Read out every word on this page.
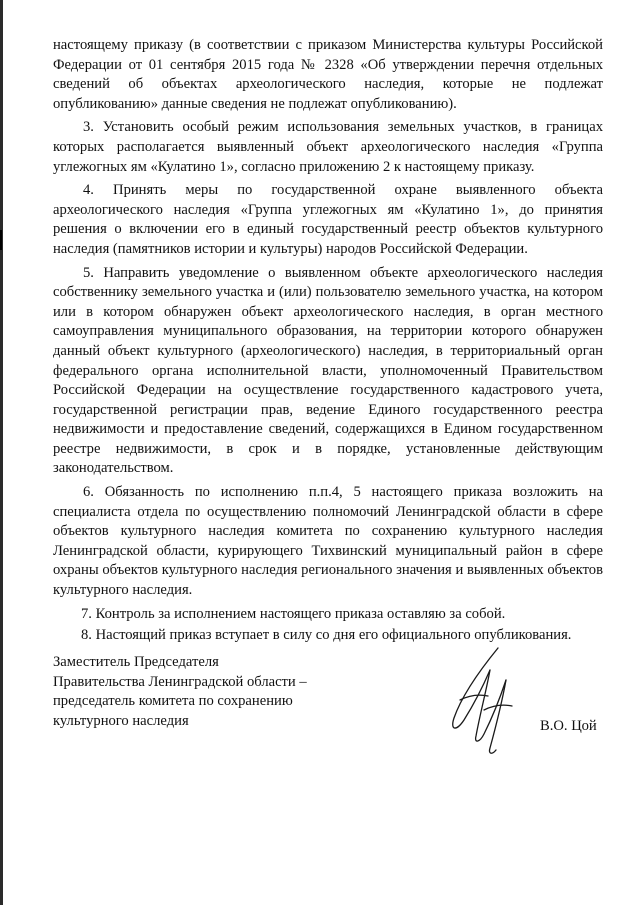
настоящему приказу (в соответствии с приказом Министерства культуры Российской Федерации от 01 сентября 2015 года № 2328 «Об утверждении перечня отдельных сведений об объектах археологического наследия, которые не подлежат опубликованию» данные сведения не подлежат опубликованию).

3. Установить особый режим использования земельных участков, в границах которых располагается выявленный объект археологического наследия «Группа углежогных ям «Кулатино 1», согласно приложению 2 к настоящему приказу.

4. Принять меры по государственной охране выявленного объекта археологического наследия «Группа углежогных ям «Кулатино 1», до принятия решения о включении его в единый государственный реестр объектов культурного наследия (памятников истории и культуры) народов Российской Федерации.

5. Направить уведомление о выявленном объекте археологического наследия собственнику земельного участка и (или) пользователю земельного участка, на котором или в котором обнаружен объект археологического наследия, в орган местного самоуправления муниципального образования, на территории которого обнаружен данный объект культурного (археологического) наследия, в территориальный орган федерального органа исполнительной власти, уполномоченный Правительством Российской Федерации на осуществление государственного кадастрового учета, государственной регистрации прав, ведение Единого государственного реестра недвижимости и предоставление сведений, содержащихся в Едином государственном реестре недвижимости, в срок и в порядке, установленные действующим законодательством.

6. Обязанность по исполнению п.п.4, 5 настоящего приказа возложить на специалиста отдела по осуществлению полномочий Ленинградской области в сфере объектов культурного наследия комитета по сохранению культурного наследия Ленинградской области, курирующего Тихвинский муниципальный район в сфере охраны объектов культурного наследия регионального значения и выявленных объектов культурного наследия.

7. Контроль за исполнением настоящего приказа оставляю за собой.

8. Настоящий приказ вступает в силу со дня его официального опубликования.

Заместитель Председателя
Правительства Ленинградской области –
председатель комитета по сохранению
культурного наследия	В.О. Цой
